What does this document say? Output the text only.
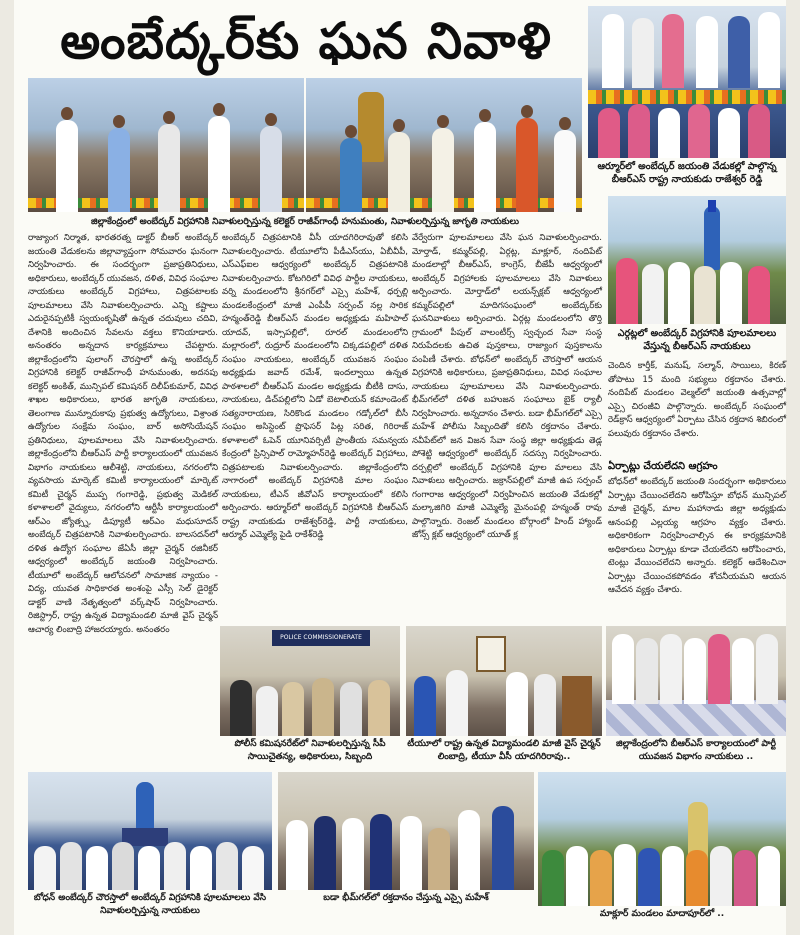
అంబేద్కర్‌కు ఘన నివాళి
జిల్లాకేంద్రంలో అంబేద్కర్ విగ్రహానికి నివాళులర్పిస్తున్న కలెక్టర్ రాజీవ్‌గాంధీ హనుమంతు, నివాళులర్పిస్తున్న జాగృతి నాయకులు
ఆర్మూర్‌లో అంబేద్కర్ జయంతి వేడుకల్లో పాల్గొన్న బీఆర్ఎస్ రాష్ట్ర నాయకుడు రాజేశ్వర్ రెడ్డి
ఎర్గట్లలో అంబేద్కర్ విగ్రహానికి పూలమాలలు వేస్తున్న బీఆర్ఎస్ నాయకులు
రాజ్యాంగ నిర్మాత, భారతరత్న డాక్టర్ బీఆర్ అంబేద్కర్ జయంతి వేడుకలను జిల్లావ్యాప్తంగా సోమవారం ఘనంగా నిర్వహించారు. ఈ సందర్భంగా ప్రజాప్రతినిధులు, అధికారులు, అంబేద్కర్ యువజన, దళిత, వివిధ సంఘాల నాయకులు అంబేద్కర్ విగ్రహాలు, చిత్రపటాలకు పూలమాలలు వేసి నివాళులర్పించారు. ఎన్ని కష్టాలు ఎదురైనప్పటికీ స్వయంకృషితో ఉన్నత చదువులు చదివి, దేశానికి అందించిన సేవలను వక్తలు కొనియాడారు. అనంతరం అన్నదాన కార్యక్రమాలు చేపట్టారు. జిల్లాకేంద్రంలోని పులాంగ్ చౌరస్తాలో ఉన్న అంబేద్కర్ విగ్రహానికి కలెక్టర్ రాజీవ్‌గాంధీ హనుమంతు, అదనపు కలెక్టర్ అంకిత్, మున్సిపల్ కమిషనర్ దిలీప్‌కుమార్, వివిధ శాఖల అధికారులు, భారత జాగృతి నాయకులు, తెలంగాణ మున్నూరుకాపు ప్రభుత్వ ఉద్యోగులు, విశ్రాంత ఉద్యోగుల సంక్షేమ సంఘం, బార్ అసోసియేషన్ ప్రతినిధులు, పూలమాలలు వేసి నివాళులర్పించారు. జిల్లాకేంద్రంలోని బీఆర్ఎస్ పార్టీ కార్యాలయంలో యువజన విభాగం నాయకులు ఆలీశెట్టి, నాయకులు, నగరంలోని వ్యవసాయ మార్కెట్ కమిటీ కార్యాలయంలో మార్కెట్ కమిటీ చైర్మన్ ముప్ప గంగారెడ్డి, ప్రభుత్వ మెడికల్ కళాశాలలో వైద్యులు, నగరంలోని ఆర్టీసీ కార్యాలయంలో ఆర్ఎం జ్యోత్స్న, డిప్యూటీ ఆర్ఎం మధుసూదన్ అంబేద్కర్ చిత్రపటానికి నివాళులర్పించారు. బాలసదన్‌లో దళిత ఉద్యోగ సంఘాల జేఏసీ జిల్లా చైర్మన్ రజినీకర్ ఆధ్వర్యంలో అంబేద్కర్ జయంతి నిర్వహించారు. టీయూలో అంబేద్కర్ ఆలోచనలో సామాజిక న్యాయం - విద్య, యువత సాధికారత అంశంపై ఎస్సీ సెల్ డైరెక్టర్ డాక్టర్ వాణి నేతృత్వంలో వర్క్‌షాప్ నిర్వహించారు. రిజిస్ట్రార్, రాష్ట్ర ఉన్నత విద్యామండలి మాజీ వైస్ చైర్మన్ ఆచార్య లింబాద్రి హాజరయ్యారు. అనంతరం
అంబేద్కర్ చిత్రపటానికి వీసీ యాదగిరిరావుతో కలిసి నివాళులర్పించారు. టీయూలోని పీడీఎస్‌యు, ఏబీవీపీ, ఎస్ఎఫ్ఐల ఆధ్వర్యంలో అంబేద్కర్ చిత్రపటానికి నివాళులర్పించారు. కోటగిరిలో వివిధ పార్టీల నాయకులు, వర్ని మండలంలోని శ్రీనగర్‌లో ఎస్సై మహేశ్, ధర్పల్లి మండలకేంద్రంలో మాజీ ఎంపీపీ సర్పంచ్ నల్ల సారిక హన్మంత్‌రెడ్డి బీఆర్ఎస్ మండల అధ్యక్షుడు మహిపాల్ యాదవ్, ఇస్సాపల్లిలో, రూరల్ మండలంలోని మల్లారంలో, రుద్రూర్ మండలంలోని చిక్కడపల్లిలో దళిత సంఘం నాయకులు, అంబేద్కర్ యువజన సంఘం అధ్యక్షుడు జవాద్ రమేశ్, ఇందల్వాయి ఉన్నత పాఠశాలలో బీఆర్ఎస్ మండల అధ్యక్షుడు బీటీకి దాసు, నాయకులు, డిచ్‌పల్లిలోని ఏడో బెటాలియన్ కమాండెంట్ సత్యనారాయణ, సిరికొండ మండలం గడ్కోల్‌లో బీసీ సంఘం అసిస్టెంట్ ప్రొఫెసర్ పిట్ల సరిత, గిరిరాజ్ కళాశాలలో ఓపెన్ యూనివర్సిటీ ప్రాంతీయ సమన్వయ కేంద్రంలో ప్రిన్సిపాల్ రామ్మోహన్‌రెడ్డి అంబేద్కర్ విగ్రహాలు, చిత్రపటాలకు నివాళులర్పించారు. జిల్లాకేంద్రంలోని నాగారంలో అంబేద్కర్ విగ్రహానికి మాల సంఘం నాయకులు, టీఎన్ జీవోఎస్ కార్యాలయంలో కలిసి అర్పించారు. ఆర్మూర్‌లో అంబేద్కర్ విగ్రహానికి బీఆర్ఎస్ రాష్ట్ర నాయకుడు రాజేశ్వర్‌రెడ్డి, పార్టీ నాయకులు, ఆర్మూర్ ఎమ్మెల్యే పైడి రాకేశ్‌రెడ్డి
వేర్వేరుగా పూలమాలలు వేసి ఘన నివాళులర్పించారు. మోర్తాడ్, కమ్మర్‌పల్లి, ఏర్గట్ల, మాక్లూర్, నందిపేట్ మండలాల్లో బీఆర్ఎస్, కాంగ్రెస్, బీజేపీ ఆధ్వర్యంలో అంబేద్కర్ విగ్రహాలకు పూలమాలలు వేసి నివాళులు అర్పించారు. మోర్తాడ్‌లో లయన్స్‌క్లబ్ ఆధ్వర్యంలో కమ్మర్‌పల్లిలో మాదిగసంఘంలో అంబేద్కర్‌కు ఘననివాళులు అర్పించారు. ఏర్గట్ల మండలంలోని తొర్తి గ్రామంలో పీపుల్ వాలంటీర్స్ స్వచ్ఛంద సేవా సంస్థ నిరుపేదలకు ఉచిత పుస్తకాలు, రాజ్యాంగ పుస్తకాలను పంపిణీ చేశారు. బోధన్‌లో అంబేద్కర్ చౌరస్తాలో ఆయన విగ్రహానికి అధికారులు, ప్రజాప్రతినిధులు, వివిధ సంఘాల నాయకులు పూలమాలలు వేసి నివాళులర్పించారు. భీమ్‌గల్‌లో దళిత బహుజన సంఘాలు బైక్ ర్యాలీ నిర్వహించారు. అన్నదానం చేశారు. బడా భీమ్‌గల్‌లో ఎస్సై మహేశ్ పోలీసు సిబ్బందితో కలిసి రక్తదానం చేశారు. నవీపేట్‌లో జన విజన సేవా సంస్థ జిల్లా అధ్యక్షుడు తెడ్ల పోశెట్టి ఆధ్వర్యంలో అంబేద్కర్ సదస్సు నిర్వహించారు. దర్పల్లిలో అంబేద్కర్ విగ్రహానికి పూల మాలలు వేసి నివాళులు అర్పించారు. జక్రాన్‌పల్లిలో మాజీ ఉప సర్పంచ్ గంగారాజ ఆధ్వర్యంలో నిర్వహించిన జయంతి వేడుకల్లో మల్కాజిగిరి మాజీ ఎమ్మెల్యే మైనంపల్లి హన్మంత్ రావు పాల్గొన్నారు. రెంజల్ మండలం బోర్గాంలో హింద్ హ్యాండ్ జోన్స్ క్లబ్ ఆధ్వర్యంలో యూత్ క్ల
చెందిన కార్తీక్, మనుష్, సల్మాన్, సాయిలు, కిరణ్ తోపాటు 15 మంది సభ్యులు రక్తదానం చేశారు. నందిపేట్ మండలం వెల్మల్‌లో జయంతి ఉత్సవాల్లో ఎస్సై చిరంజీవి పాల్గొన్నారు. అంబేద్కర్ సంఘంలో రెడ్‌క్రాస్ ఆధ్వర్యంలో ఏర్పాటు చేసిన రక్తదాన శిబిరంలో పలువురు రక్తదానం చేశారు.
ఏర్పాట్లు చేయలేదని ఆగ్రహం
బోధన్‌లో అంబేద్కర్ జయంతి సందర్భంగా అధికారులు ఏర్పాట్లు చేయించలేదని ఆరోపిస్తూ బోధన్ మున్సిపల్ మాజీ చైర్మన్, మాల మహానాడు జిల్లా అధ్యక్షుడు ఆనంపల్లి ఎల్లయ్య ఆగ్రహం వ్యక్తం చేశారు. అధికారికంగా నిర్వహించాల్సిన ఈ కార్యక్రమానికి అధికారులు ఏర్పాట్లు కూడా చేయలేదని ఆరోపించారు, టెంట్లు వేయించలేదని అన్నారు. కలెక్టర్ ఆదేశించినా ఏర్పాట్లు చేయించకపోవడం శోచనీయమని ఆయన ఆవేదన వ్యక్తం చేశారు.
POLICE COMMISSIONERATE
పోలీస్ కమిషనరేట్‌లో నివాళులర్పిస్తున్న సీపీ సాయిచైతన్య, అధికారులు, సిబ్బంది
టీయూలో రాష్ట్ర ఉన్నత విద్యామండలి మాజీ వైస్ చైర్మన్ లింబాద్రి, టీయూ వీసీ యాదగిరిరావు..
జిల్లాకేంద్రంలోని బీఆర్ఎస్ కార్యాలయంలో పార్టీ యువజన విభాగం నాయకులు ..
బోధన్ అంబేద్కర్ చౌరస్తాలో అంబేద్కర్ విగ్రహానికి పూలమాలలు వేసి నివాళులర్పిస్తున్న నాయకులు
బడా భీమ్‌గల్‌లో రక్తదానం చేస్తున్న ఎస్సై మహేశ్
మాక్లూర్ మండలం మాదాపూర్‌లో ..
